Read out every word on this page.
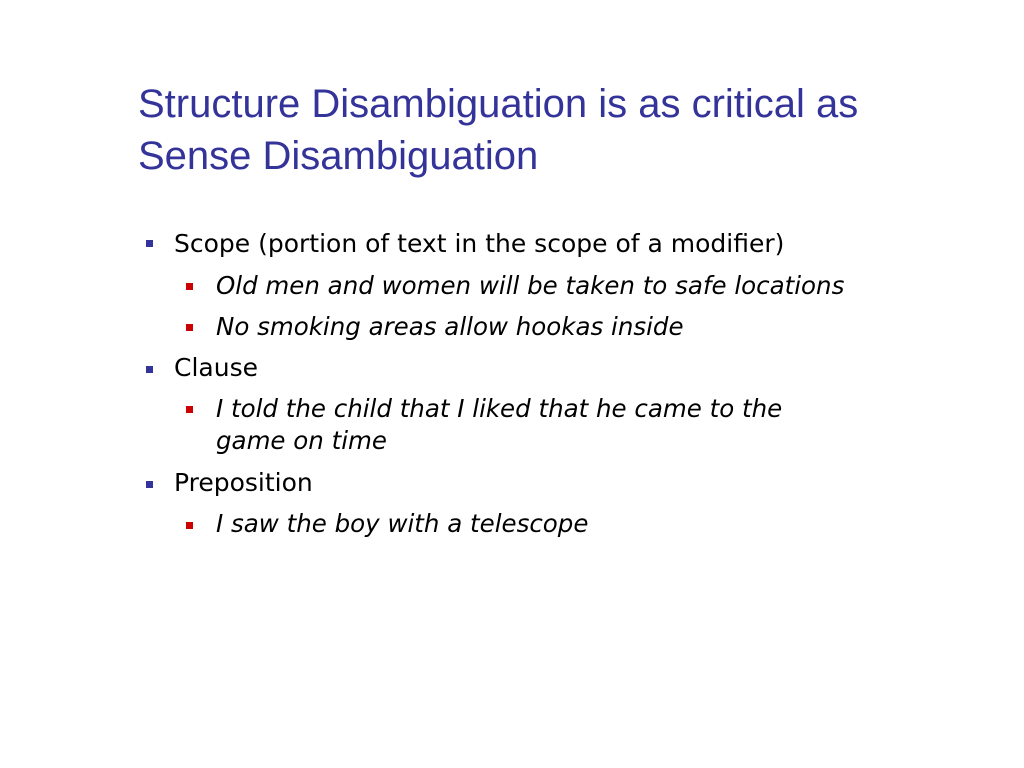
Structure Disambiguation is as critical as
Sense Disambiguation
Scope (portion of text in the scope of a modifier)
Old men and women will be taken to safe locations
No smoking areas allow hookas inside
Clause
I told the child that I liked that he came to the
game on time
Preposition
I saw the boy with a telescope
